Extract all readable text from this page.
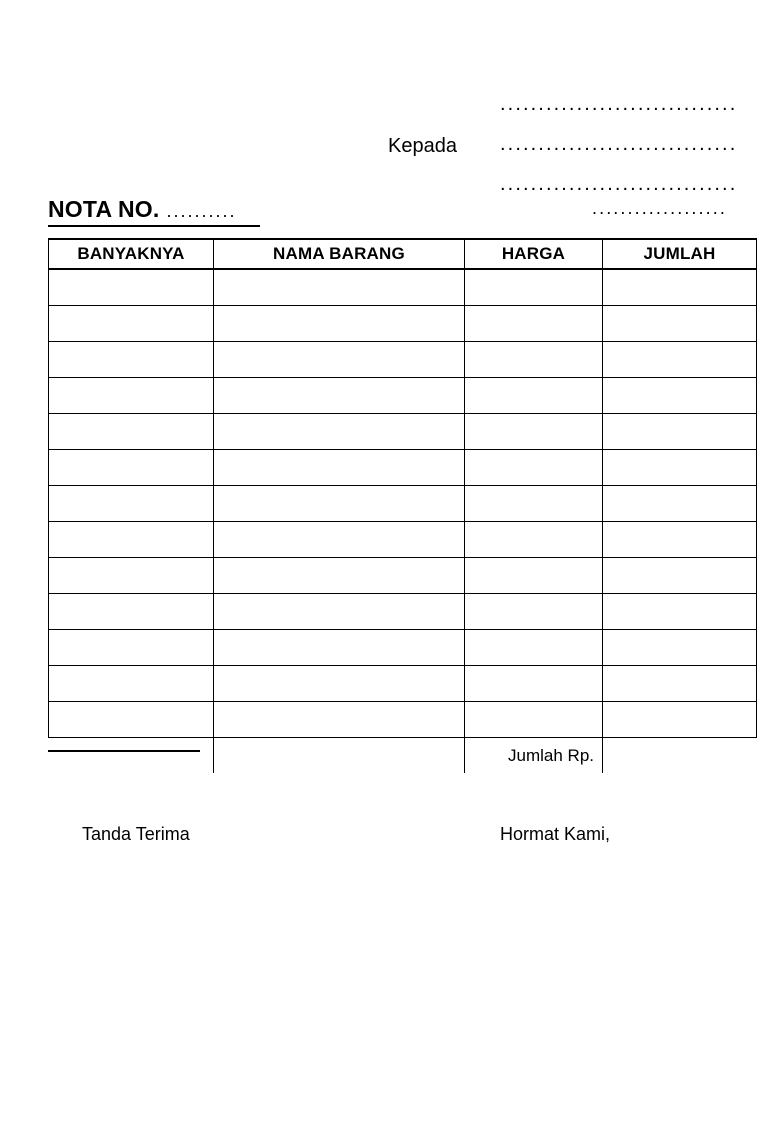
...............................
Kepada	...............................
...............................
...................
NOTA NO. ..........
BANYAKNYA	NAMA BARANG	HARGA	JUMLAH

		Jumlah Rp.	
Tanda Terima	Hormat Kami,
